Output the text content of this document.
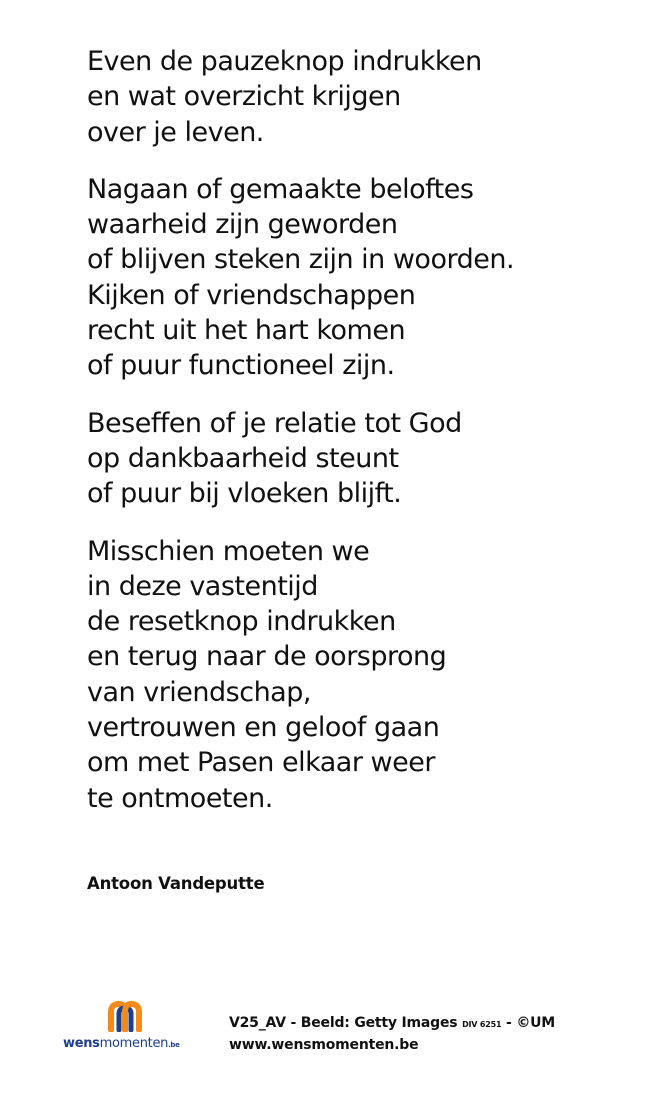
Even de pauzeknop indrukken
en wat overzicht krijgen
over je leven.
Nagaan of gemaakte beloftes
waarheid zijn geworden
of blijven steken zijn in woorden.
Kijken of vriendschappen
recht uit het hart komen
of puur functioneel zijn.
Beseffen of je relatie tot God
op dankbaarheid steunt
of puur bij vloeken blijft.
Misschien moeten we
in deze vastentijd
de resetknop indrukken
en terug naar de oorsprong
van vriendschap,
vertrouwen en geloof gaan
om met Pasen elkaar weer
te ontmoeten.
Antoon Vandeputte
wensmomenten.be
V25_AV - Beeld: Getty Images DIV 6251 - ©UM
www.wensmomenten.be
